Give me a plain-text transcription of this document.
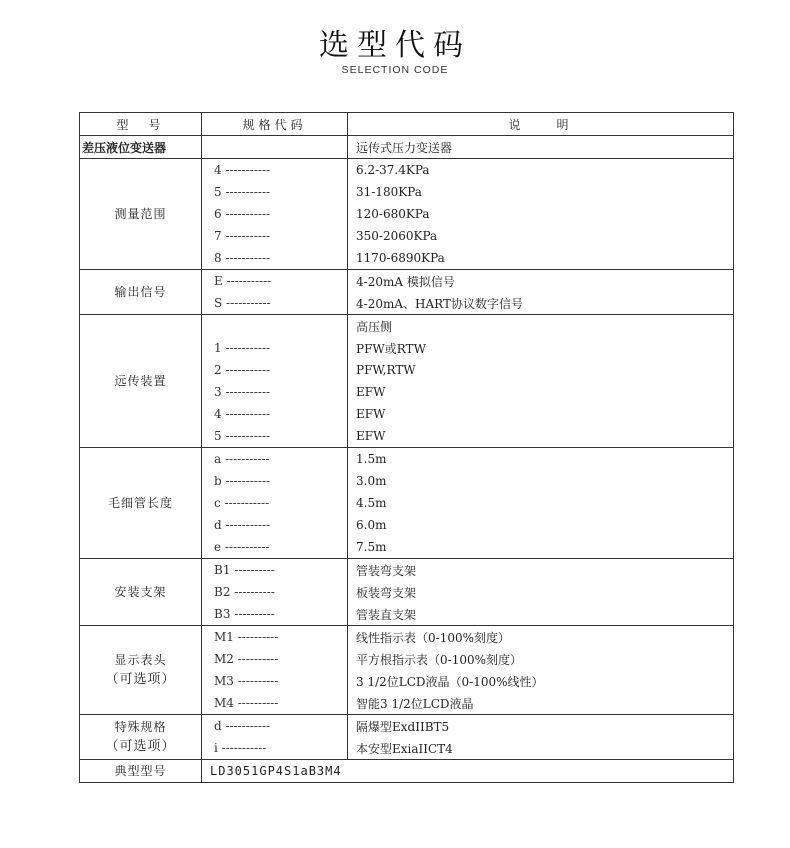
选型代码
SELECTION CODE
型　号	规格代码	说　　明
差压液位变送器		远传式压力变送器
测量范围	4 -----------	6.2-37.4KPa
	5 -----------	31-180KPa
	6 -----------	120-680KPa
	7 -----------	350-2060KPa
	8 -----------	1170-6890KPa
输出信号	E -----------	4-20mA 模拟信号
	S -----------	4-20mA、HART协议数字信号
远传装置		高压侧
	1 -----------	PFW或RTW
	2 -----------	PFW,RTW
	3 -----------	EFW
	4 -----------	EFW
	5 -----------	EFW
毛细管长度	a -----------	1.5m
	b -----------	3.0m
	c -----------	4.5m
	d -----------	6.0m
	e -----------	7.5m
安装支架	B1 ----------	管装弯支架
	B2 ----------	板装弯支架
	B3 ----------	管装直支架
显示表头
（可选项）	M1 ----------	线性指示表（0-100%刻度）
	M2 ----------	平方根指示表（0-100%刻度）
	M3 ----------	3 1/2位LCD液晶（0-100%线性）
	M4 ----------	智能3 1/2位LCD液晶
特殊规格
（可选项）	d -----------	隔爆型ExdIIBT5
	i -----------	本安型ExiaIICT4
典型型号	LD3051GP4S1aB3M4	
